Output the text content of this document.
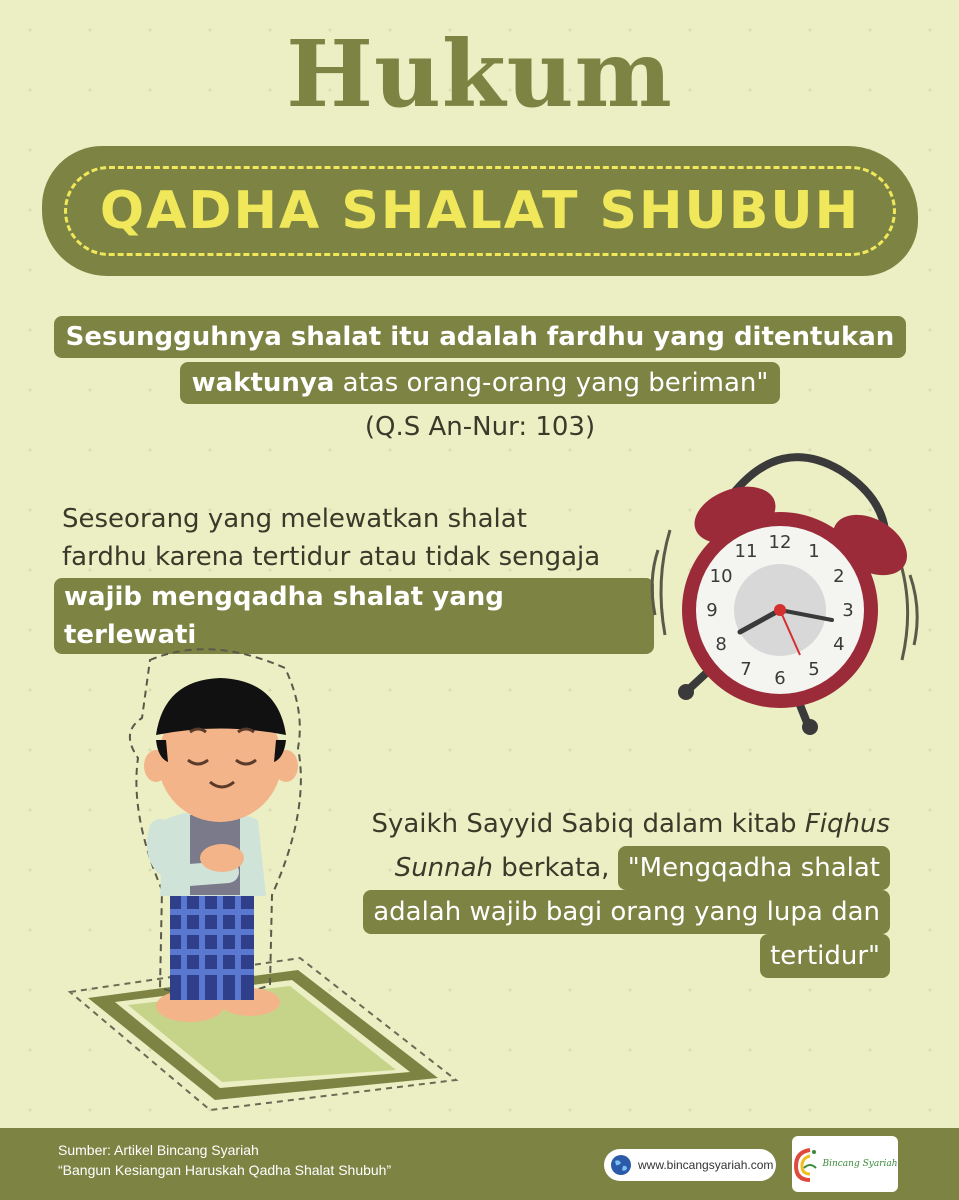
Hukum
QADHA SHALAT SHUBUH
Sesungguhnya shalat itu adalah fardhu yang ditentukan
waktunya atas orang-orang yang beriman"
(Q.S An-Nur: 103)
Seseorang yang melewatkan shalat
fardhu karena tertidur atau tidak sengaja
wajib mengqadha shalat yang terlewati
12 1
2
3
4
5
6
7
8
9
10
11
Syaikh Sayyid Sabiq dalam kitab Fiqhus
Sunnah berkata, "Mengqadha shalat
adalah wajib bagi orang yang lupa dan
tertidur"
Sumber: Artikel Bincang Syariah
“Bangun Kesiangan Haruskah Qadha Shalat Shubuh”	www.bincangsyariah.com	Bincang Syariah
